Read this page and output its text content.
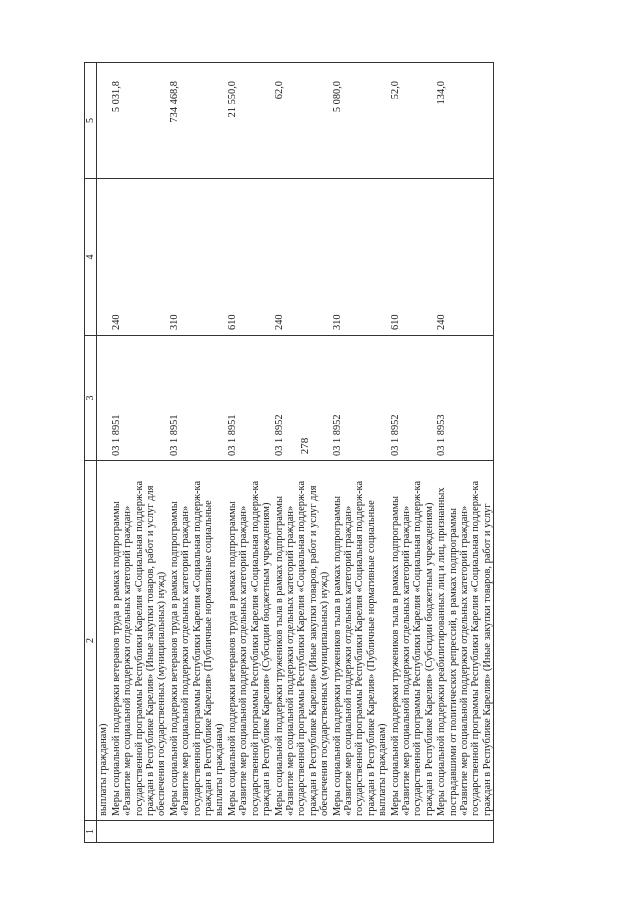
278
1	2	3	4	5
	выплаты гражданам)			
	Меры социальной поддержки ветеранов труда в рамках подпрограммы «Развитие мер социальной поддержки отдельных категорий граждан» государственной программы Республики Карелия «Социальная поддерж-ка граждан в Республике Карелия» (Иные закупки товаров, работ и услуг для обеспечения государственных (муниципальных) нужд)	03 1 8951	240	5 031,8
	Меры социальной поддержки ветеранов труда в рамках подпрограммы «Развитие мер социальной поддержки отдельных категорий граждан» государственной программы Республики Карелия «Социальная поддерж-ка граждан в Республике Карелия» (Публичные нормативные социальные выплаты гражданам)	03 1 8951	310	734 468,8
	Меры социальной поддержки ветеранов труда в рамках подпрограммы «Развитие мер социальной поддержки отдельных категорий граждан» государственной программы Республики Карелия «Социальная поддерж-ка граждан в Республике Карелия» (Субсидии бюджетным учреждениям)	03 1 8951	610	21 550,0
	Меры социальной поддержки тружеников тыла в рамках подпрограммы «Развитие мер социальной поддержки отдельных категорий граждан» государственной программы Республики Карелия «Социальная поддерж-ка граждан в Республике Карелия» (Иные закупки товаров, работ и услуг для обеспечения государственных (муниципальных) нужд)	03 1 8952	240	62,0
	Меры социальной поддержки тружеников тыла в рамках подпрограммы «Развитие мер социальной поддержки отдельных категорий граждан» государственной программы Республики Карелия «Социальная поддерж-ка граждан в Республике Карелия» (Публичные нормативные социальные выплаты гражданам)	03 1 8952	310	5 080,0
	Меры социальной поддержки тружеников тыла в рамках подпрограммы «Развитие мер социальной поддержки отдельных категорий граждан» государственной программы Республики Карелия «Социальная поддерж-ка граждан в Республике Карелия» (Субсидии бюджетным учреждениям)	03 1 8952	610	52,0
	Меры социальной поддержки реабилитированных лиц и лиц, признанных пострадавшими от политических репрессий, в рамках подпрограммы «Развитие мер социальной поддержки отдельных категорий граждан» государственной программы Республики Карелия «Социальная поддерж-ка граждан в Республике Карелия» (Иные закупки товаров, работ и услуг	03 1 8953	240	134,0
